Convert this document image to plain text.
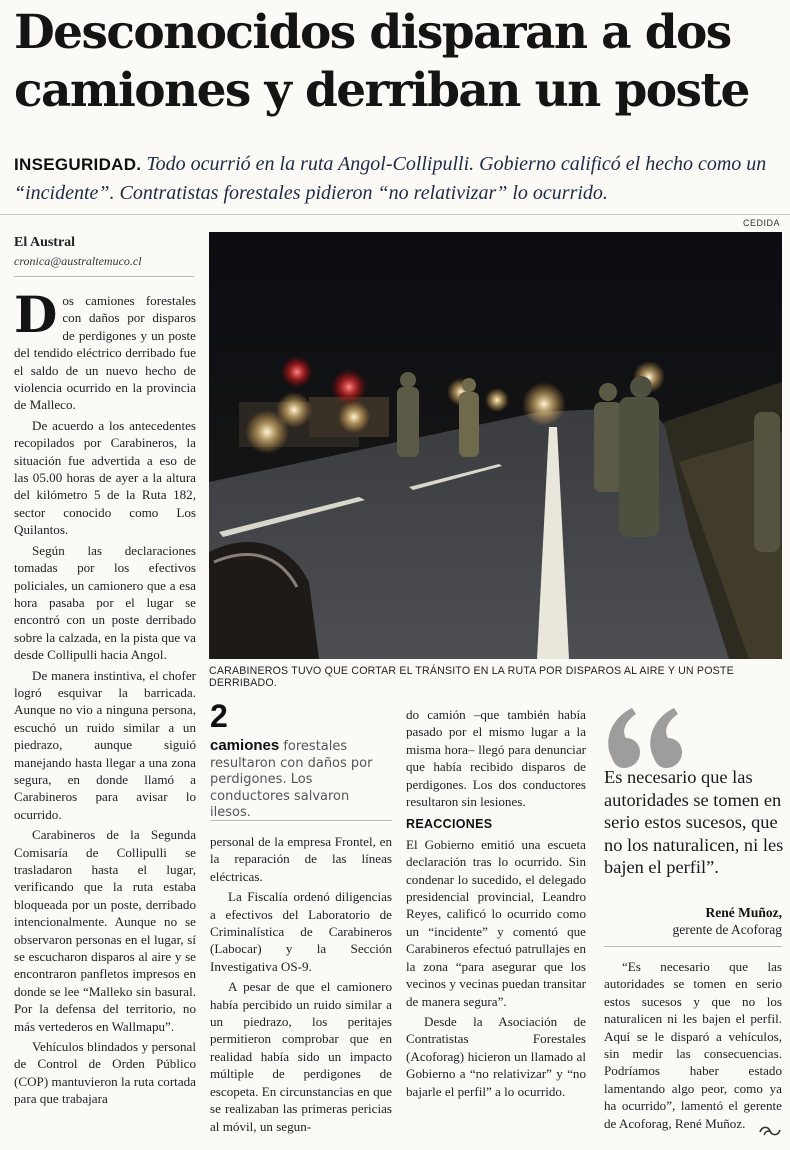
Desconocidos disparan a dos
camiones y derriban un poste
INSEGURIDAD. Todo ocurrió en la ruta Angol-Collipulli. Gobierno calificó el hecho como un “incidente”. Contratistas forestales pidieron “no relativizar” lo ocurrido.
El Austral
cronica@australtemuco.cl

Dos camiones forestales con daños por disparos de perdigones y un poste del tendido eléctrico derribado fue el saldo de un nuevo hecho de violencia ocurrido en la provincia de Malleco.

De acuerdo a los antecedentes recopilados por Carabineros, la situación fue advertida a eso de las 05.00 horas de ayer a la altura del kilómetro 5 de la Ruta 182, sector conocido como Los Quilantos.

Según las declaraciones tomadas por los efectivos policiales, un camionero que a esa hora pasaba por el lugar se encontró con un poste derribado sobre la calzada, en la pista que va desde Collipulli hacia Angol.

De manera instintiva, el chofer logró esquivar la barricada. Aunque no vio a ninguna persona, escuchó un ruido similar a un piedrazo, aunque siguió manejando hasta llegar a una zona segura, en donde llamó a Carabineros para avisar lo ocurrido.

Carabineros de la Segunda Comisaría de Collipulli se trasladaron hasta el lugar, verificando que la ruta estaba bloqueada por un poste, derribado intencionalmente. Aunque no se observaron personas en el lugar, sí se escucharon disparos al aire y se encontraron panfletos impresos en donde se lee “Malleko sin basural. Por la defensa del territorio, no más vertederos en Wallmapu”.

Vehículos blindados y personal de Control de Orden Público (COP) mantuvieron la ruta cortada para que trabajara

CEDIDA
CARABINEROS TUVO QUE CORTAR EL TRÁNSITO EN LA RUTA POR DISPAROS AL AIRE Y UN POSTE DERRIBADO.
2
camiones forestales resultaron con daños por perdigones. Los conductores salvaron ilesos.

personal de la empresa Frontel, en la reparación de las líneas eléctricas.

La Fiscalía ordenó diligencias a efectivos del Laboratorio de Criminalística de Carabineros (Labocar) y la Sección Investigativa OS-9.

A pesar de que el camionero había percibido un ruido similar a un piedrazo, los peritajes permitieron comprobar que en realidad había sido un impacto múltiple de perdigones de escopeta. En circunstancias en que se realizaban las primeras pericias al móvil, un segun-

do camión –que también había pasado por el mismo lugar a la misma hora– llegó para denunciar que había recibido disparos de perdigones. Los dos conductores resultaron sin lesiones.

REACCIONES

El Gobierno emitió una escueta declaración tras lo ocurrido. Sin condenar lo sucedido, el delegado presidencial provincial, Leandro Reyes, calificó lo ocurrido como un “incidente” y comentó que Carabineros efectuó patrullajes en la zona “para asegurar que los vecinos y vecinas puedan transitar de manera segura”.

Desde la Asociación de Contratistas Forestales (Acoforag) hicieron un llamado al Gobierno a “no relativizar” y “no bajarle el perfil” a lo ocurrido.

Es necesario que las autoridades se tomen en serio estos sucesos, que no los naturalicen, ni les bajen el perfil”.
René Muñoz,
gerente de Acoforag

“Es necesario que las autoridades se tomen en serio estos sucesos y que no los naturalicen ni les bajen el perfil. Aquí se le disparó a vehículos, sin medir las consecuencias. Podríamos haber estado lamentando algo peor, como ya ha ocurrido”, lamentó el gerente de Acoforag, René Muñoz.
